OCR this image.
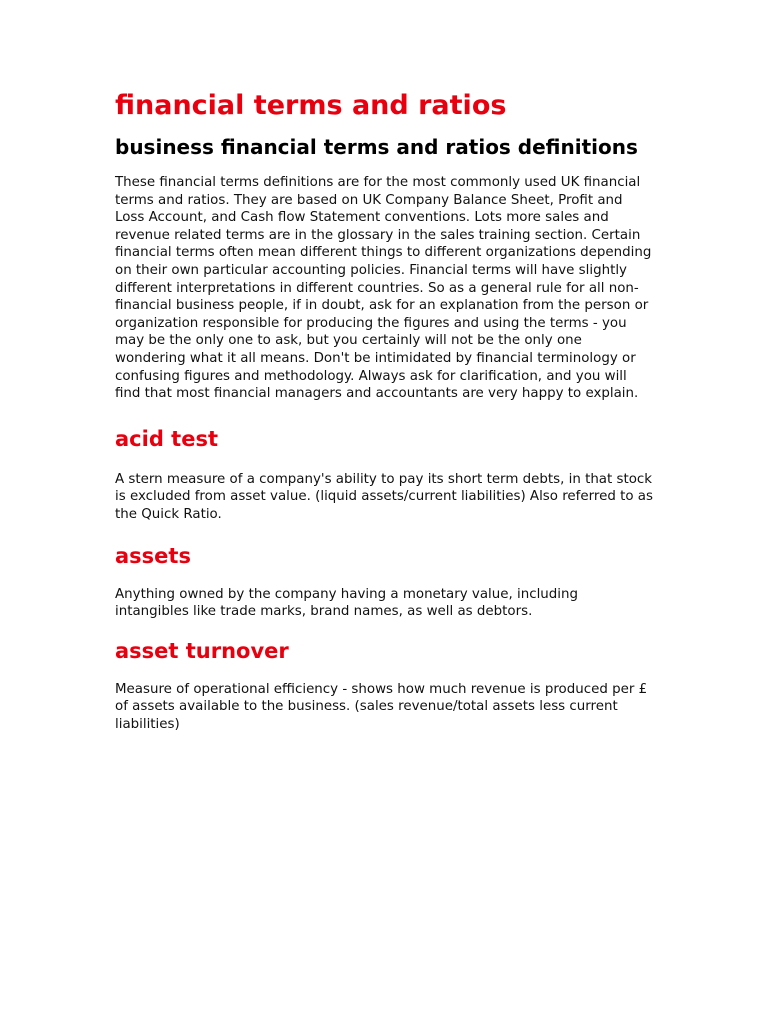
financial terms and ratios
business financial terms and ratios definitions

These financial terms definitions are for the most commonly used UK financial terms and ratios. They are based on UK Company Balance Sheet, Profit and Loss Account, and Cash flow Statement conventions. Lots more sales and revenue related terms are in the glossary in the sales training section. Certain financial terms often mean different things to different organizations depending on their own particular accounting policies. Financial terms will have slightly different interpretations in different countries. So as a general rule for all non-financial business people, if in doubt, ask for an explanation from the person or organization responsible for producing the figures and using the terms - you may be the only one to ask, but you certainly will not be the only one wondering what it all means. Don't be intimidated by financial terminology or confusing figures and methodology. Always ask for clarification, and you will find that most financial managers and accountants are very happy to explain.

acid test

A stern measure of a company's ability to pay its short term debts, in that stock is excluded from asset value. (liquid assets/current liabilities) Also referred to as the Quick Ratio.

assets

Anything owned by the company having a monetary value, including intangibles like trade marks, brand names, as well as debtors.

asset turnover

Measure of operational efficiency - shows how much revenue is produced per £ of assets available to the business. (sales revenue/total assets less current liabilities)
